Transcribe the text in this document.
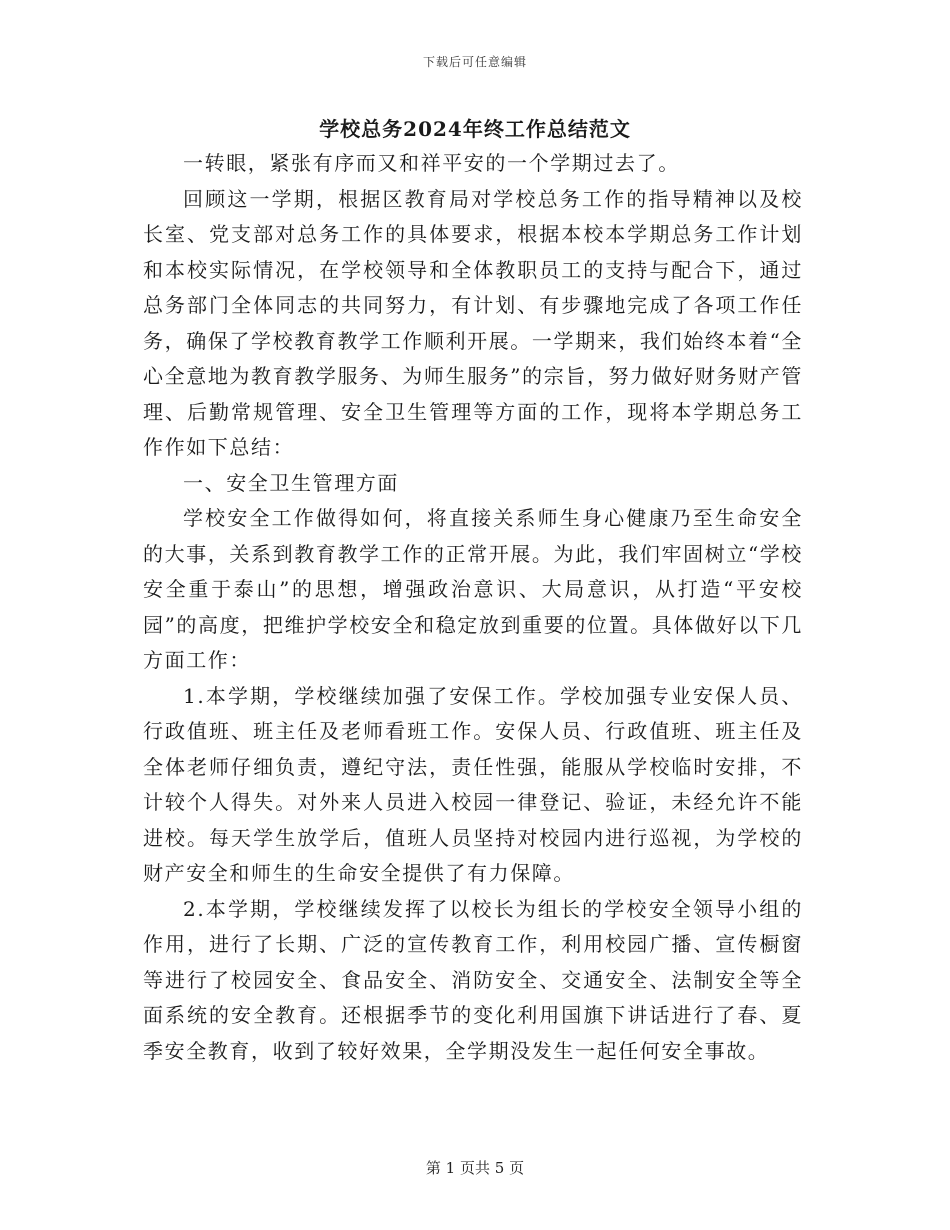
下载后可任意编辑
学校总务2024年终工作总结范文

一转眼，紧张有序而又和祥平安的一个学期过去了。

回顾这一学期，根据区教育局对学校总务工作的指导精神以及校长室、党支部对总务工作的具体要求，根据本校本学期总务工作计划和本校实际情况，在学校领导和全体教职员工的支持与配合下，通过总务部门全体同志的共同努力，有计划、有步骤地完成了各项工作任务，确保了学校教育教学工作顺利开展。一学期来，我们始终本着“全心全意地为教育教学服务、为师生服务”的宗旨，努力做好财务财产管理、后勤常规管理、安全卫生管理等方面的工作，现将本学期总务工作作如下总结：

一、安全卫生管理方面

学校安全工作做得如何，将直接关系师生身心健康乃至生命安全的大事，关系到教育教学工作的正常开展。为此，我们牢固树立“学校安全重于泰山”的思想，增强政治意识、大局意识，从打造“平安校园”的高度，把维护学校安全和稳定放到重要的位置。具体做好以下几方面工作：

1.本学期，学校继续加强了安保工作。学校加强专业安保人员、行政值班、班主任及老师看班工作。安保人员、行政值班、班主任及全体老师仔细负责，遵纪守法，责任性强，能服从学校临时安排，不计较个人得失。对外来人员进入校园一律登记、验证，未经允许不能进校。每天学生放学后，值班人员坚持对校园内进行巡视，为学校的财产安全和师生的生命安全提供了有力保障。

2.本学期，学校继续发挥了以校长为组长的学校安全领导小组的作用，进行了长期、广泛的宣传教育工作，利用校园广播、宣传橱窗等进行了校园安全、食品安全、消防安全、交通安全、法制安全等全面系统的安全教育。还根据季节的变化利用国旗下讲话进行了春、夏季安全教育，收到了较好效果，全学期没发生一起任何安全事故。

第 1 页共 5 页
